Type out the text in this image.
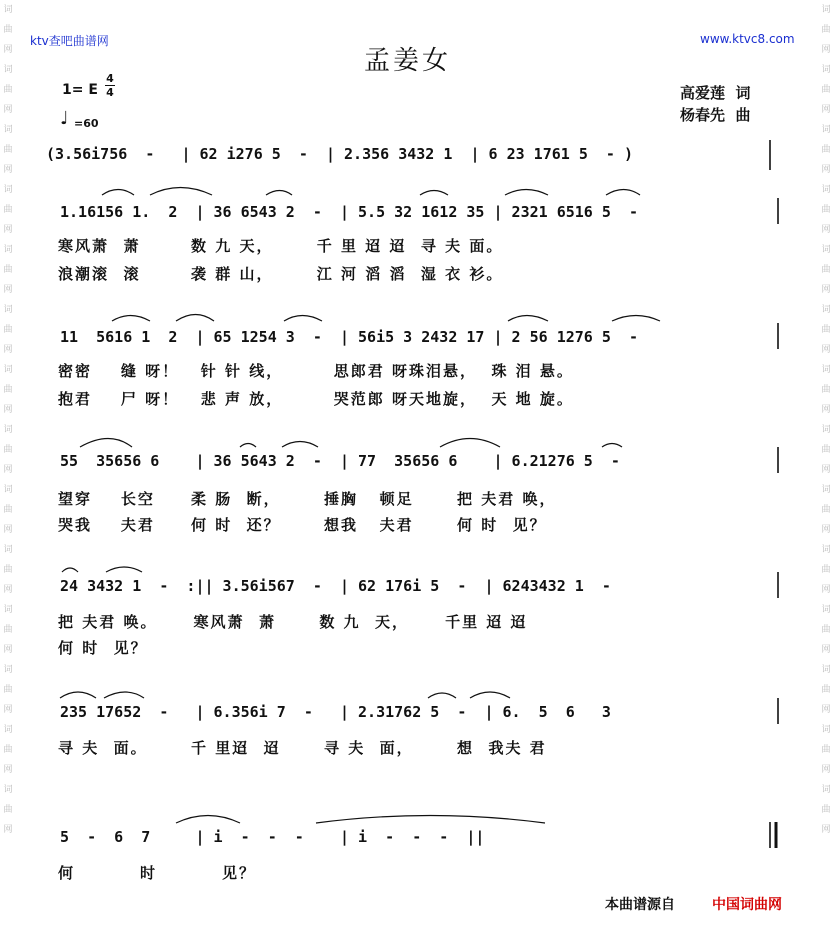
ktv查吧曲谱网	www.ktvc8.com
词曲网词曲网词曲网词曲网词曲网词曲网词曲网词曲网词曲网词曲网词曲网词曲网词曲网词曲网
词曲网词曲网词曲网词曲网词曲网词曲网词曲网词曲网词曲网词曲网词曲网词曲网词曲网词曲网
孟姜女
1= E
4
4
♩ =60
高爱莲  词
杨春先  曲
(3.56i756  -   | 62 i276 5  -  | 2.356 3432 1  | 6 23 1761 5  - )
1.16156 1.  2  | 36 6543 2  -  | 5.5 32 1612 35 | 2321 6516 5  -
寒风萧  萧       数 九 天，      千 里 迢 迢  寻 夫 面。
浪潮滚  滚       袭 群 山，      江 河 滔 滔  湿 衣 衫。
11  5616 1  2  | 65 1254 3  -  | 56i5 3 2432 17 | 2 56 1276 5  -
密密    缝 呀！   针 针 线，       思郎君 呀珠泪悬，  珠 泪 悬。
抱君    尸 呀！   悲 声 放，       哭范郎 呀天地旋，  天 地 旋。
55  35656 6    | 36 5643 2  -  | 77  35656 6    | 6.21276 5  -
望穿    长空     柔 肠  断，      捶胸   顿足      把 夫君 唤，
哭我    夫君     何 时  还？      想我   夫君      何 时  见？
24 3432 1  -  :|| 3.56i567  -  | 62 176i 5  -  | 6243432 1  -
把 夫君 唤。     寒风萧  萧      数 九  天，     千里 迢 迢
何 时  见？
235 17652  -   | 6.356i 7  -   | 2.31762 5  -  | 6.  5  6   3
寻 夫  面。      千 里迢  迢      寻 夫  面，      想  我夫 君
5  -  6  7     | i  -  -  -    | i  -  -  -  ||
何         时         见？
本曲谱源自	中国词曲网
